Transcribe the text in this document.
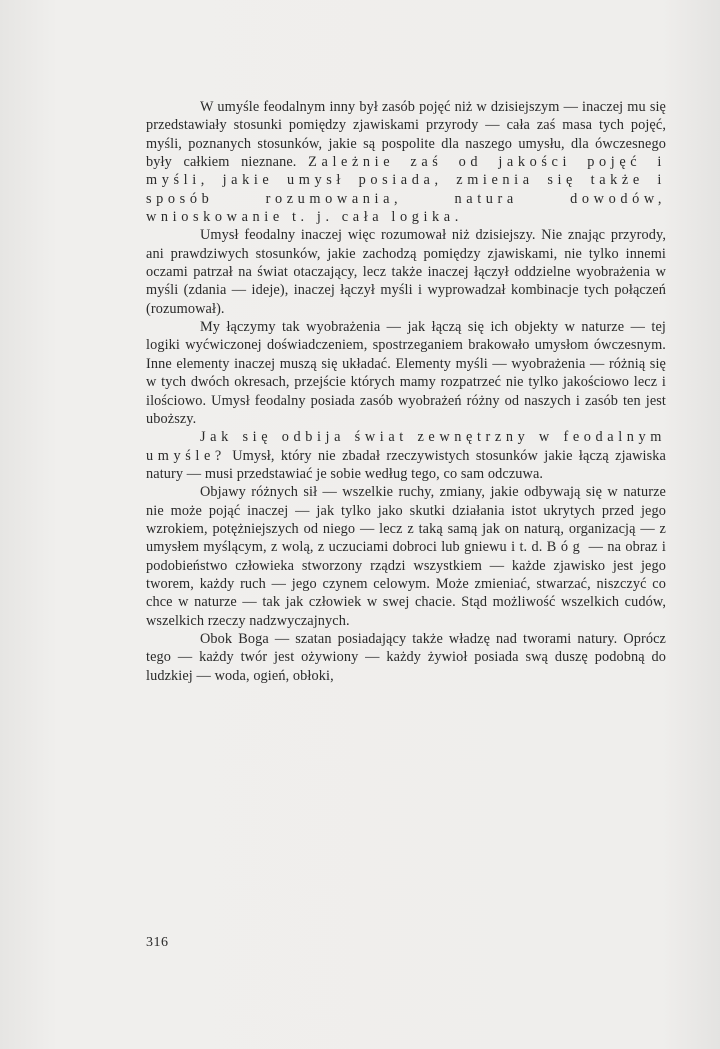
W umyśle feodalnym inny był zasób pojęć niż w dzisiejszym — inaczej mu się przedstawiały stosunki pomiędzy zjawiskami przyrody — cała zaś masa tych pojęć, myśli, poznanych stosunków, jakie są pospolite dla naszego umysłu, dla ówczesnego były całkiem nieznane. Zależnie zaś od jakości pojęć i myśli, jakie umysł posiada, zmienia się także i sposób rozumowania, natura dowodów, wnioskowanie t. j. cała logika.

Umysł feodalny inaczej więc rozumował niż dzisiejszy. Nie znając przyrody, ani prawdziwych stosunków, jakie zachodzą pomiędzy zjawiskami, nie tylko innemi oczami patrzał na świat otaczający, lecz także inaczej łączył oddzielne wyobrażenia w myśli (zdania — ideje), inaczej łączył myśli i wyprowadzał kombinacje tych połączeń (rozumował).

My łączymy tak wyobrażenia — jak łączą się ich objekty w naturze — tej logiki wyćwiczonej doświadczeniem, spostrzeganiem brakowało umysłom ówczesnym. Inne elementy inaczej muszą się układać. Elementy myśli — wyobrażenia — różnią się w tych dwóch okresach, przejście których mamy rozpatrzeć nie tylko jakościowo lecz i ilościowo. Umysł feodalny posiada zasób wyobrażeń różny od naszych i zasób ten jest uboższy.

Jak się odbija świat zewnętrzny w feodalnym umyśle? Umysł, który nie zbadał rzeczywistych stosunków jakie łączą zjawiska natury — musi przedstawiać je sobie według tego, co sam odczuwa.

Objawy różnych sił — wszelkie ruchy, zmiany, jakie odbywają się w naturze nie może pojąć inaczej — jak tylko jako skutki działania istot ukrytych przed jego wzrokiem, potężniejszych od niego — lecz z taką samą jak on naturą, organizacją — z umysłem myślącym, z wolą, z uczuciami dobroci lub gniewu i t. d. Bóg — na obraz i podobieństwo człowieka stworzony rządzi wszystkiem — każde zjawisko jest jego tworem, każdy ruch — jego czynem celowym. Może zmieniać, stwarzać, niszczyć co chce w naturze — tak jak człowiek w swej chacie. Stąd możliwość wszelkich cudów, wszelkich rzeczy nadzwyczajnych.

Obok Boga — szatan posiadający także władzę nad tworami natury. Oprócz tego — każdy twór jest ożywiony — każdy żywioł posiada swą duszę podobną do ludzkiej — woda, ogień, obłoki,

316
